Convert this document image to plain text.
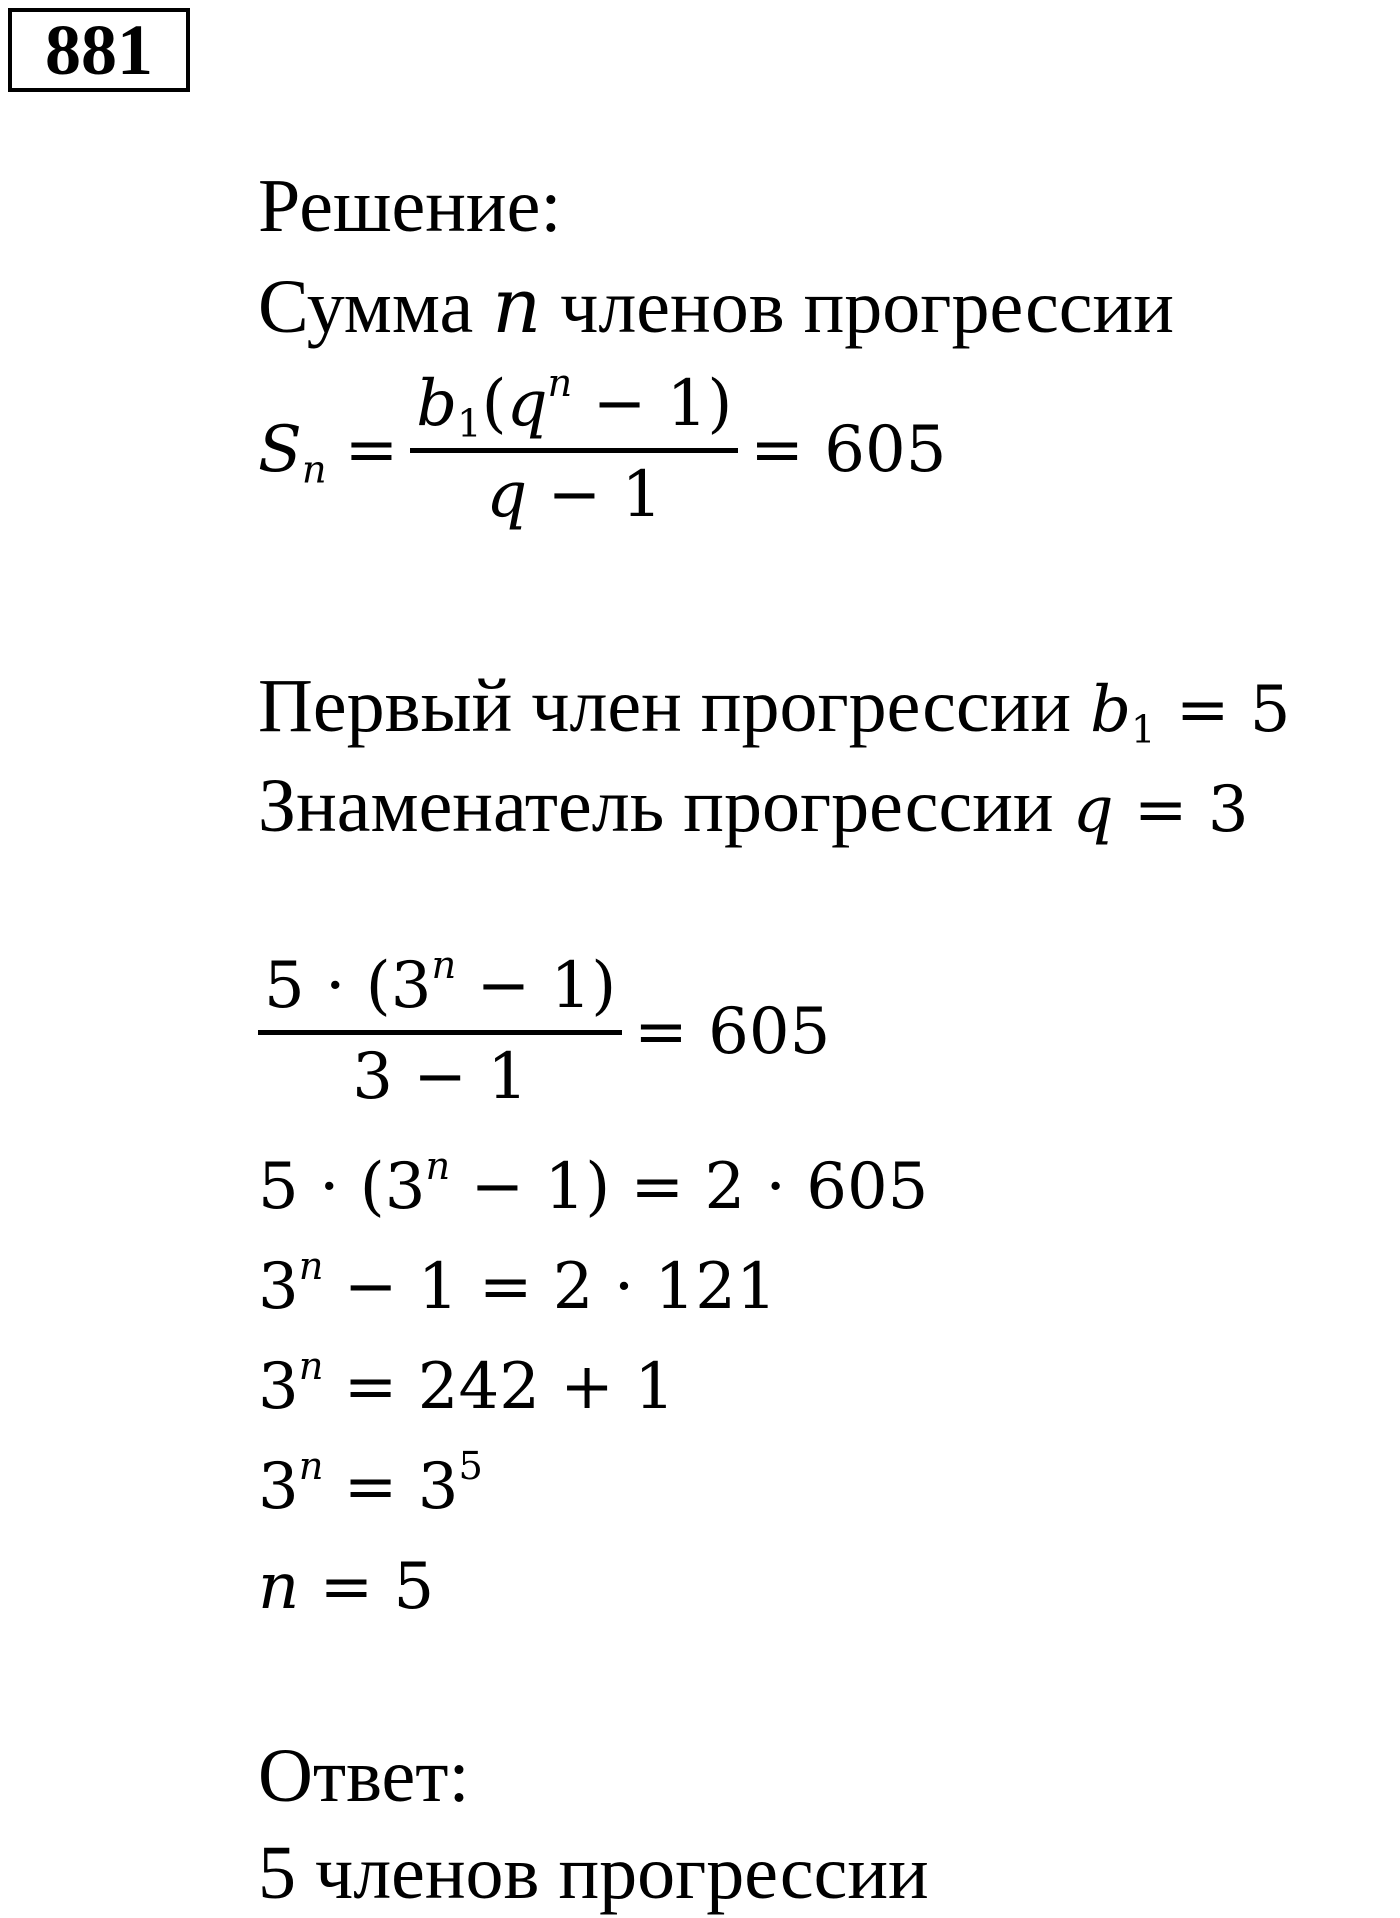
881
Решение:
Сумма n членов прогрессии
$S_n$ =
$b_1(q^n - 1)$
q − 1
= 605
Первый член прогрессии $b_1 = 5$
Знаменатель прогрессии q = 3
$5 \cdot (3^n - 1)$
3 − 1
= 605
$5 \cdot (3^n - 1) = 2 \cdot 605$
$3^n - 1 = 2 \cdot 121$
$3^n = 242 + 1$
$3^n = 3^5$
n = 5
Ответ:
5 членов прогрессии
